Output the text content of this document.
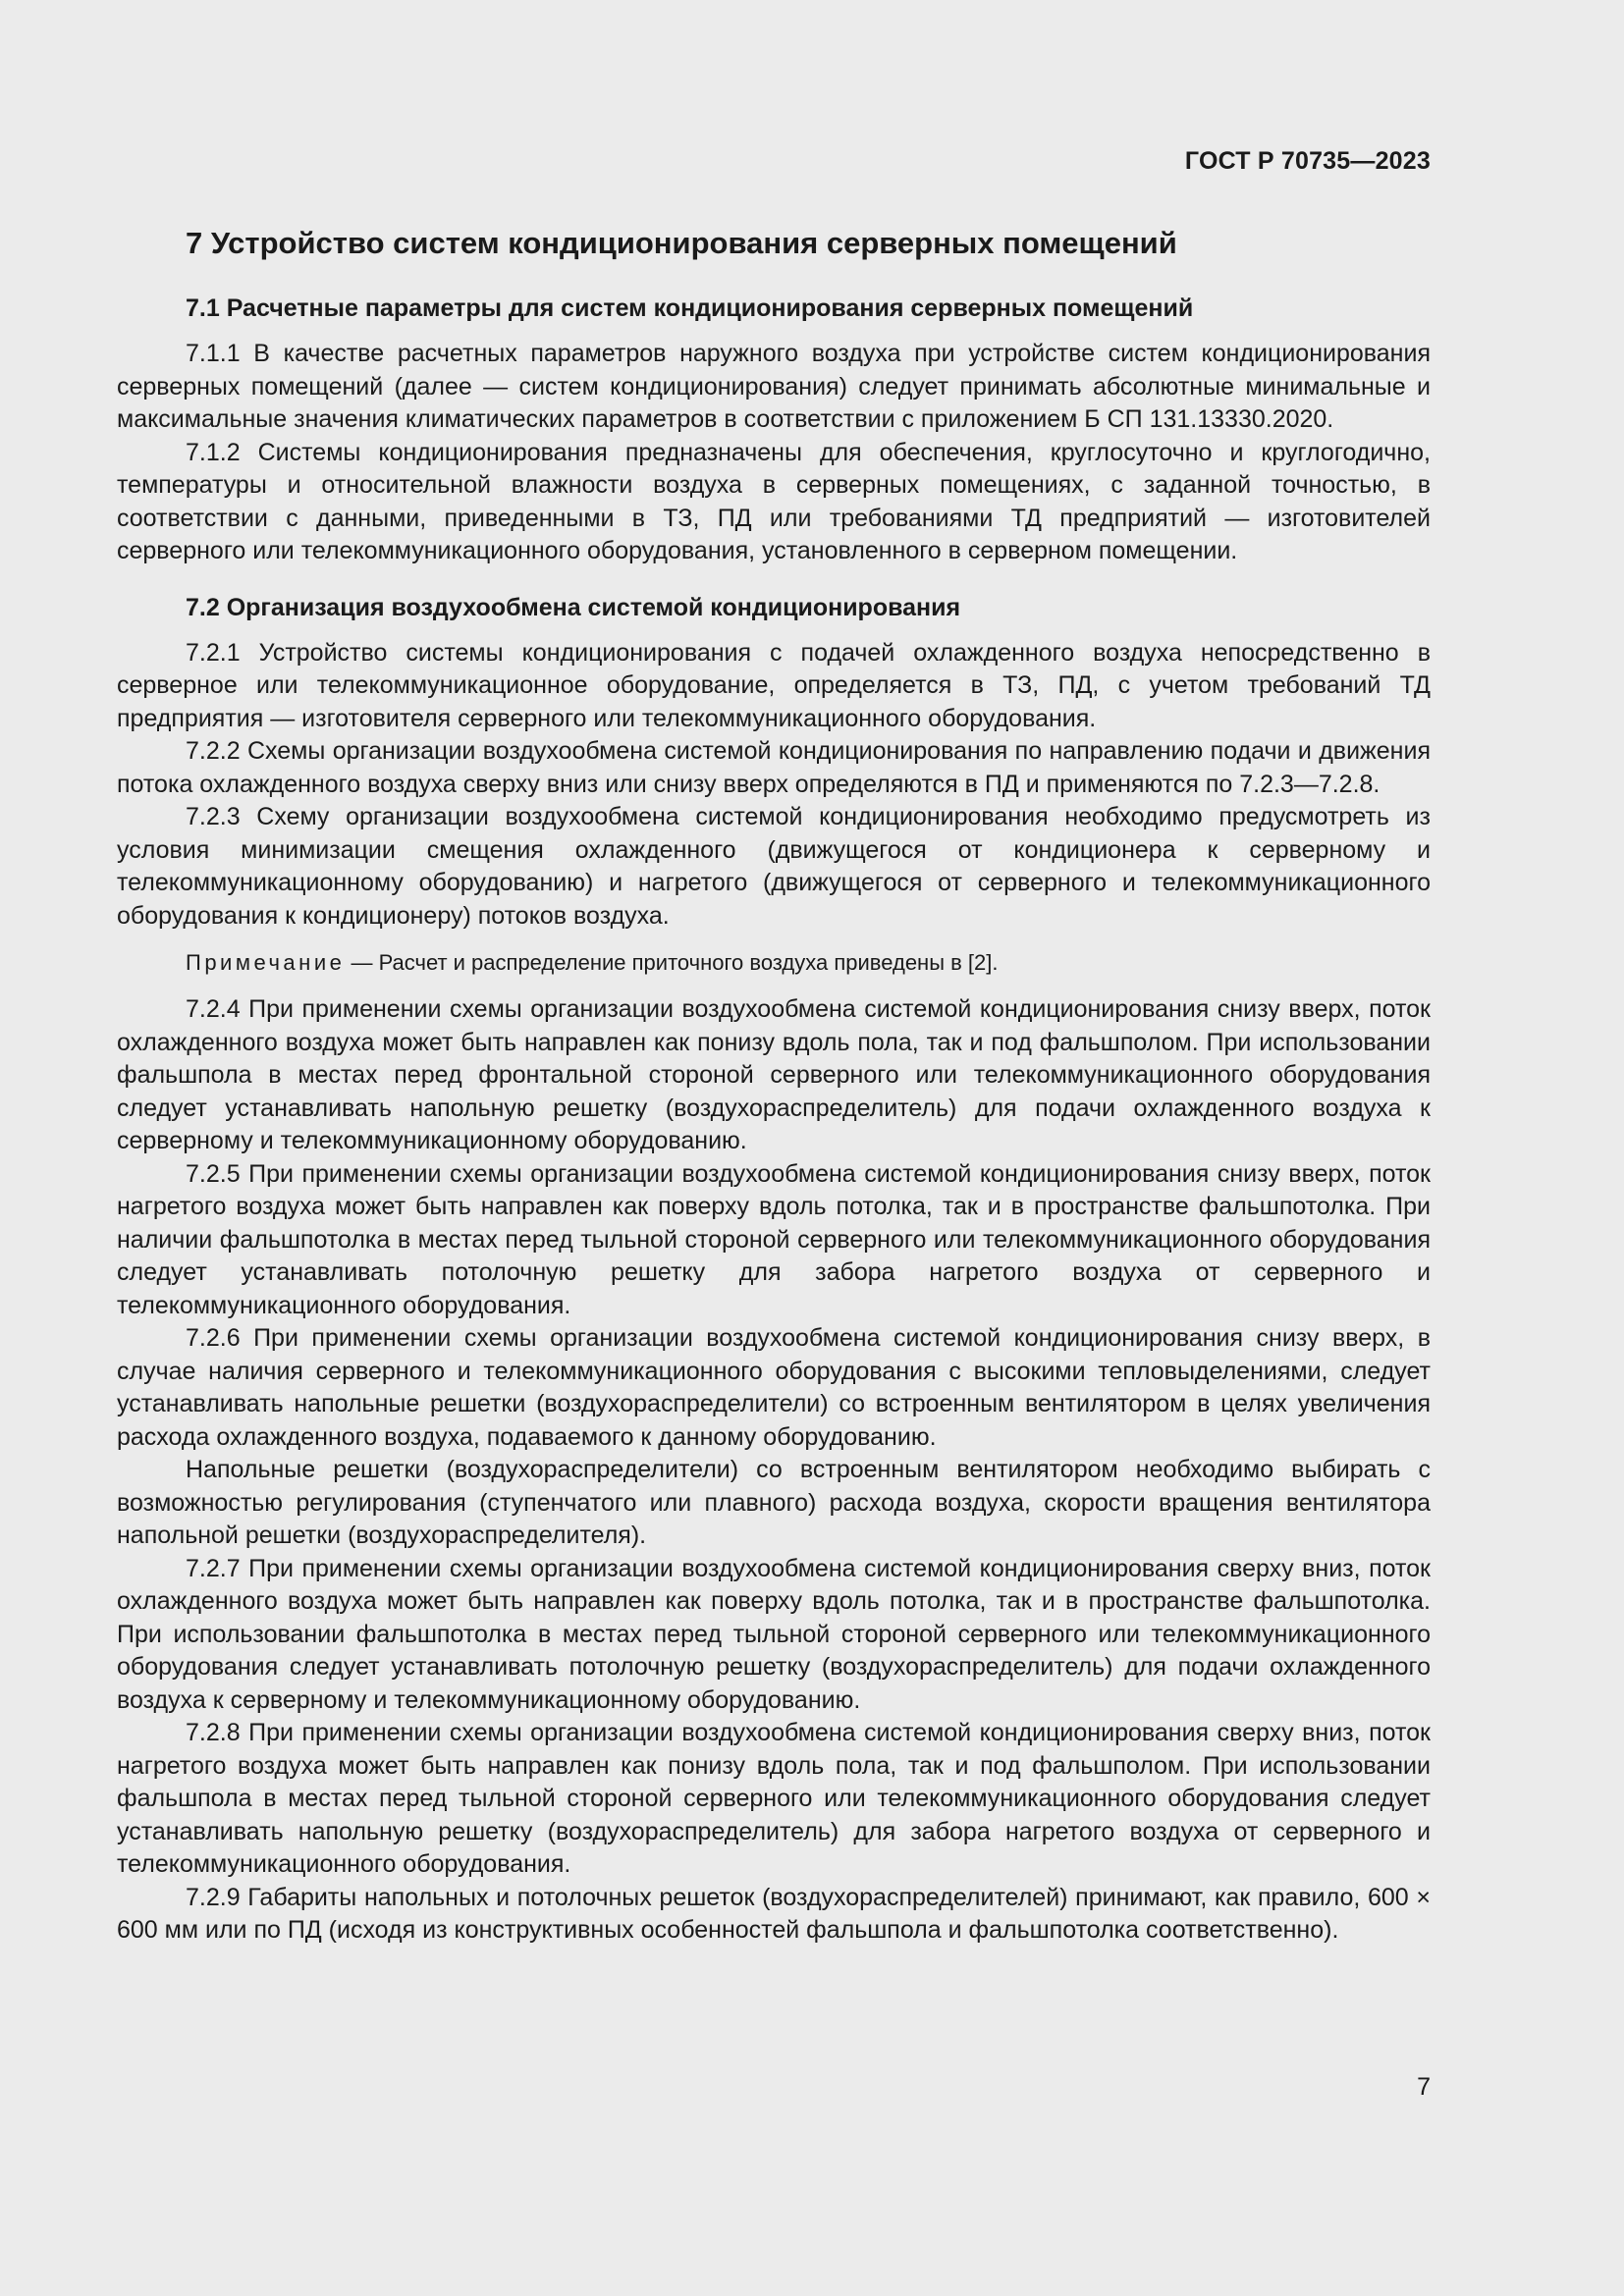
ГОСТ Р 70735—2023
7 Устройство систем кондиционирования серверных помещений
7.1 Расчетные параметры для систем кондиционирования серверных помещений

7.1.1 В качестве расчетных параметров наружного воздуха при устройстве систем кондиционирования серверных помещений (далее — систем кондиционирования) следует принимать абсолютные минимальные и максимальные значения климатических параметров в соответствии с приложением Б СП 131.13330.2020.

7.1.2 Системы кондиционирования предназначены для обеспечения, круглосуточно и круглогодично, температуры и относительной влажности воздуха в серверных помещениях, с заданной точностью, в соответствии с данными, приведенными в ТЗ, ПД или требованиями ТД предприятий — изготовителей серверного или телекоммуникационного оборудования, установленного в серверном помещении.

7.2 Организация воздухообмена системой кондиционирования

7.2.1 Устройство системы кондиционирования с подачей охлажденного воздуха непосредственно в серверное или телекоммуникационное оборудование, определяется в ТЗ, ПД, с учетом требований ТД предприятия — изготовителя серверного или телекоммуникационного оборудования.

7.2.2 Схемы организации воздухообмена системой кондиционирования по направлению подачи и движения потока охлажденного воздуха сверху вниз или снизу вверх определяются в ПД и применяются по 7.2.3—7.2.8.

7.2.3 Схему организации воздухообмена системой кондиционирования необходимо предусмотреть из условия минимизации смещения охлажденного (движущегося от кондиционера к серверному и телекоммуникационному оборудованию) и нагретого (движущегося от серверного и телекоммуникационного оборудования к кондиционеру) потоков воздуха.

Примечание — Расчет и распределение приточного воздуха приведены в [2].

7.2.4 При применении схемы организации воздухообмена системой кондиционирования снизу вверх, поток охлажденного воздуха может быть направлен как понизу вдоль пола, так и под фальшполом. При использовании фальшпола в местах перед фронтальной стороной серверного или телекоммуникационного оборудования следует устанавливать напольную решетку (воздухораспределитель) для подачи охлажденного воздуха к серверному и телекоммуникационному оборудованию.

7.2.5 При применении схемы организации воздухообмена системой кондиционирования снизу вверх, поток нагретого воздуха может быть направлен как поверху вдоль потолка, так и в пространстве фальшпотолка. При наличии фальшпотолка в местах перед тыльной стороной серверного или телекоммуникационного оборудования следует устанавливать потолочную решетку для забора нагретого воздуха от серверного и телекоммуникационного оборудования.

7.2.6 При применении схемы организации воздухообмена системой кондиционирования снизу вверх, в случае наличия серверного и телекоммуникационного оборудования с высокими тепловыделениями, следует устанавливать напольные решетки (воздухораспределители) со встроенным вентилятором в целях увеличения расхода охлажденного воздуха, подаваемого к данному оборудованию.

Напольные решетки (воздухораспределители) со встроенным вентилятором необходимо выбирать с возможностью регулирования (ступенчатого или плавного) расхода воздуха, скорости вращения вентилятора напольной решетки (воздухораспределителя).

7.2.7 При применении схемы организации воздухообмена системой кондиционирования сверху вниз, поток охлажденного воздуха может быть направлен как поверху вдоль потолка, так и в пространстве фальшпотолка. При использовании фальшпотолка в местах перед тыльной стороной серверного или телекоммуникационного оборудования следует устанавливать потолочную решетку (воздухораспределитель) для подачи охлажденного воздуха к серверному и телекоммуникационному оборудованию.

7.2.8 При применении схемы организации воздухообмена системой кондиционирования сверху вниз, поток нагретого воздуха может быть направлен как понизу вдоль пола, так и под фальшполом. При использовании фальшпола в местах перед тыльной стороной серверного или телекоммуникационного оборудования следует устанавливать напольную решетку (воздухораспределитель) для забора нагретого воздуха от серверного и телекоммуникационного оборудования.

7.2.9 Габариты напольных и потолочных решеток (воздухораспределителей) принимают, как правило, 600 × 600 мм или по ПД (исходя из конструктивных особенностей фальшпола и фальшпотолка соответственно).

7
